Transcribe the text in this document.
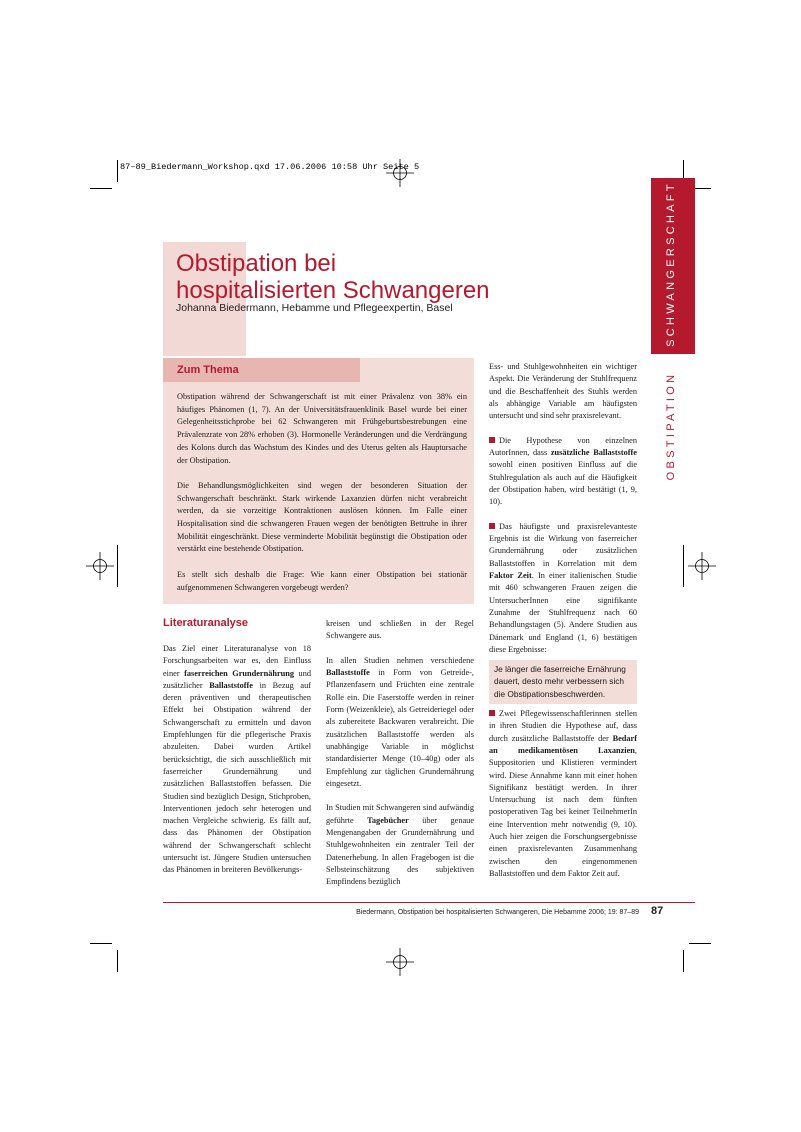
87–89_Biedermann_Workshop.qxd 17.06.2006 10:58 Uhr Seite 5
Obstipation bei
hospitalisierten Schwangeren
Johanna Biedermann, Hebamme und Pflegeexpertin, Basel	SCHWANGERSCHAFT
OBSTIPATION
Zum Thema

Obstipation während der Schwangerschaft ist mit einer Prävalenz von 38% ein häufiges Phänomen (1, 7). An der Universitätsfrauenklinik Basel wurde bei einer Gelegenheitsstichprobe bei 62 Schwangeren mit Frühgeburtsbestrebungen eine Prävalenzrate von 28% erhoben (3). Hormonelle Veränderungen und die Verdrängung des Kolons durch das Wachstum des Kindes und des Uterus gelten als Hauptursache der Obstipation.

Die Behandlungsmöglichkeiten sind wegen der besonderen Situation der Schwangerschaft beschränkt. Stark wirkende Laxanzien dürfen nicht verabreicht werden, da sie vorzeitige Kontraktionen auslösen können. Im Falle einer Hospitalisation sind die schwangeren Frauen wegen der benötigten Bettruhe in ihrer Mobilität eingeschränkt. Diese verminderte Mobilität begünstigt die Obstipation oder verstärkt eine bestehende Obstipation.

Es stellt sich deshalb die Frage: Wie kann einer Obstipation bei stationär aufgenommenen Schwangeren vorgebeugt werden?

Literaturanalyse

Das Ziel einer Literaturanalyse von 18 Forschungsarbeiten war es, den Einfluss einer faserreichen Grundernährung und zusätzlicher Ballaststoffe in Bezug auf deren präventiven und therapeutischen Effekt bei Obstipation während der Schwangerschaft zu ermitteln und davon Empfehlungen für die pflegerische Praxis abzuleiten. Dabei wurden Artikel berücksichtigt, die sich ausschließlich mit faserreicher Grundernährung und zusätzlichen Ballaststoffen befassen. Die Studien sind bezüglich Design, Stichproben, Interventionen jedoch sehr heterogen und machen Vergleiche schwierig. Es fällt auf, dass das Phänomen der Obstipation während der Schwangerschaft schlecht untersucht ist. Jüngere Studien untersuchen das Phänomen in breiteren Bevölkerungs-

kreisen und schließen in der Regel Schwangere aus.

In allen Studien nehmen verschiedene Ballaststoffe in Form von Getreide-, Pflanzenfasern und Früchten eine zentrale Rolle ein. Die Faserstoffe werden in reiner Form (Weizenkleie), als Getreideriegel oder als zubereitete Backwaren verabreicht. Die zusätzlichen Ballaststoffe werden als unabhängige Variable in möglichst standardisierter Menge (10–40g) oder als Empfehlung zur täglichen Grundernährung eingesetzt.

In Studien mit Schwangeren sind aufwändig geführte Tagebücher über genaue Mengenangaben der Grundernährung und Stuhlgewohnheiten ein zentraler Teil der Datenerhebung. In allen Fragebogen ist die Selbsteinschätzung des subjektiven Empfindens bezüglich

Ess- und Stuhlgewohnheiten ein wichtiger Aspekt. Die Veränderung der Stuhlfrequenz und die Beschaffenheit des Stuhls werden als abhängige Variable am häufigsten untersucht und sind sehr praxisrelevant.

Die Hypothese von einzelnen AutorInnen, dass zusätzliche Ballaststoffe sowohl einen positiven Einfluss auf die Stuhlregulation als auch auf die Häufigkeit der Obstipation haben, wird bestätigt (1, 9, 10).

Das häufigste und praxisrelevanteste Ergebnis ist die Wirkung von faserreicher Grundernährung oder zusätzlichen Ballaststoffen in Korrelation mit dem Faktor Zeit. In einer italienischen Studie mit 460 schwangeren Frauen zeigen die UntersucherInnen eine signifikante Zunahme der Stuhlfrequenz nach 60 Behandlungstagen (5). Andere Studien aus Dänemark und England (1, 6) bestätigen diese Ergebnisse:

Je länger die faserreiche Ernährung dauert, desto mehr verbessern sich die Obstipationsbeschwerden.

Zwei Pflegewissenschaftlerinnen stellen in ihren Studien die Hypothese auf, dass durch zusätzliche Ballaststoffe der Bedarf an medikamentösen Laxanzien, Suppositorien und Klistieren vermindert wird. Diese Annahme kann mit einer hohen Signifikanz bestätigt werden. In ihrer Untersuchung ist nach dem fünften postoperativen Tag bei keiner TeilnehmerIn eine Intervention mehr notwendig (9, 10). Auch hier zeigen die Forschungsergebnisse einen praxisrelevanten Zusammenhang zwischen den eingenommenen Ballaststoffen und dem Faktor Zeit auf.

Biedermann, Obstipation bei hospitalisierten Schwangeren, Die Hebamme 2006; 19: 87–89 87
